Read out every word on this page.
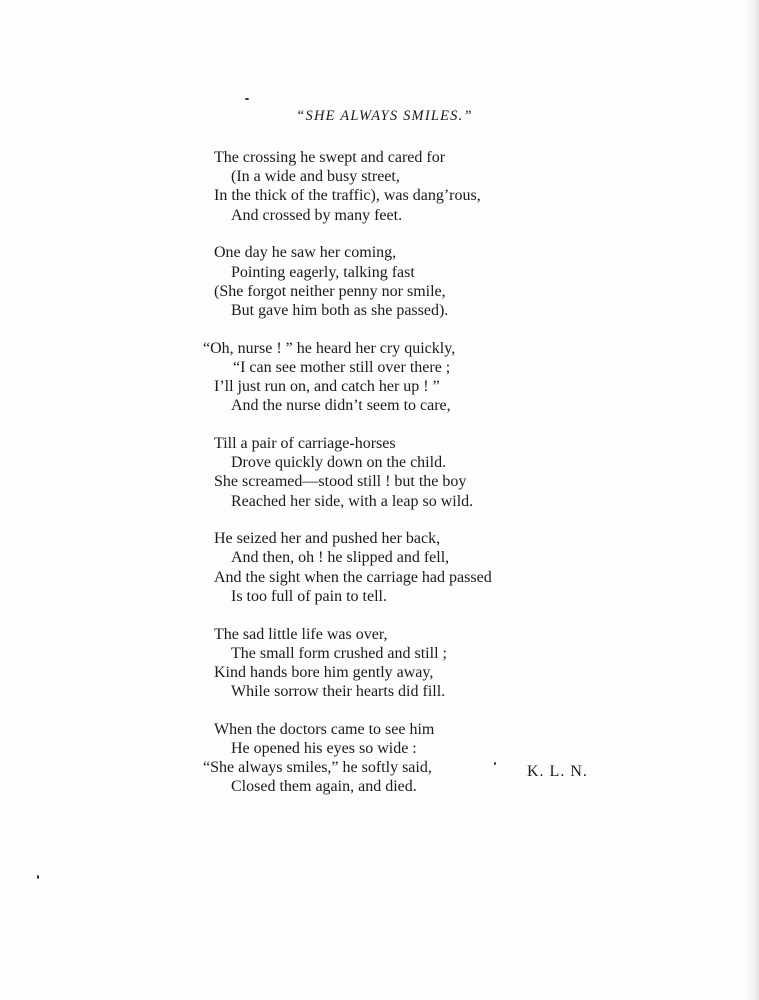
“SHE ALWAYS SMILES.”
The crossing he swept and cared for
(In a wide and busy street,
In the thick of the traffic), was dang’rous,
And crossed by many feet.
One day he saw her coming,
Pointing eagerly, talking fast
(She forgot neither penny nor smile,
But gave him both as she passed).
“Oh, nurse ! ” he heard her cry quickly,
“I can see mother still over there ;
I’ll just run on, and catch her up ! ”
And the nurse didn’t seem to care,
Till a pair of carriage-horses
Drove quickly down on the child.
She screamed—stood still ! but the boy
Reached her side, with a leap so wild.
He seized her and pushed her back,
And then, oh ! he slipped and fell,
And the sight when the carriage had passed
Is too full of pain to tell.
The sad little life was over,
The small form crushed and still ;
Kind hands bore him gently away,
While sorrow their hearts did fill.
When the doctors came to see him
He opened his eyes so wide :
“She always smiles,” he softly said,
Closed them again, and died.
K. L. N.
